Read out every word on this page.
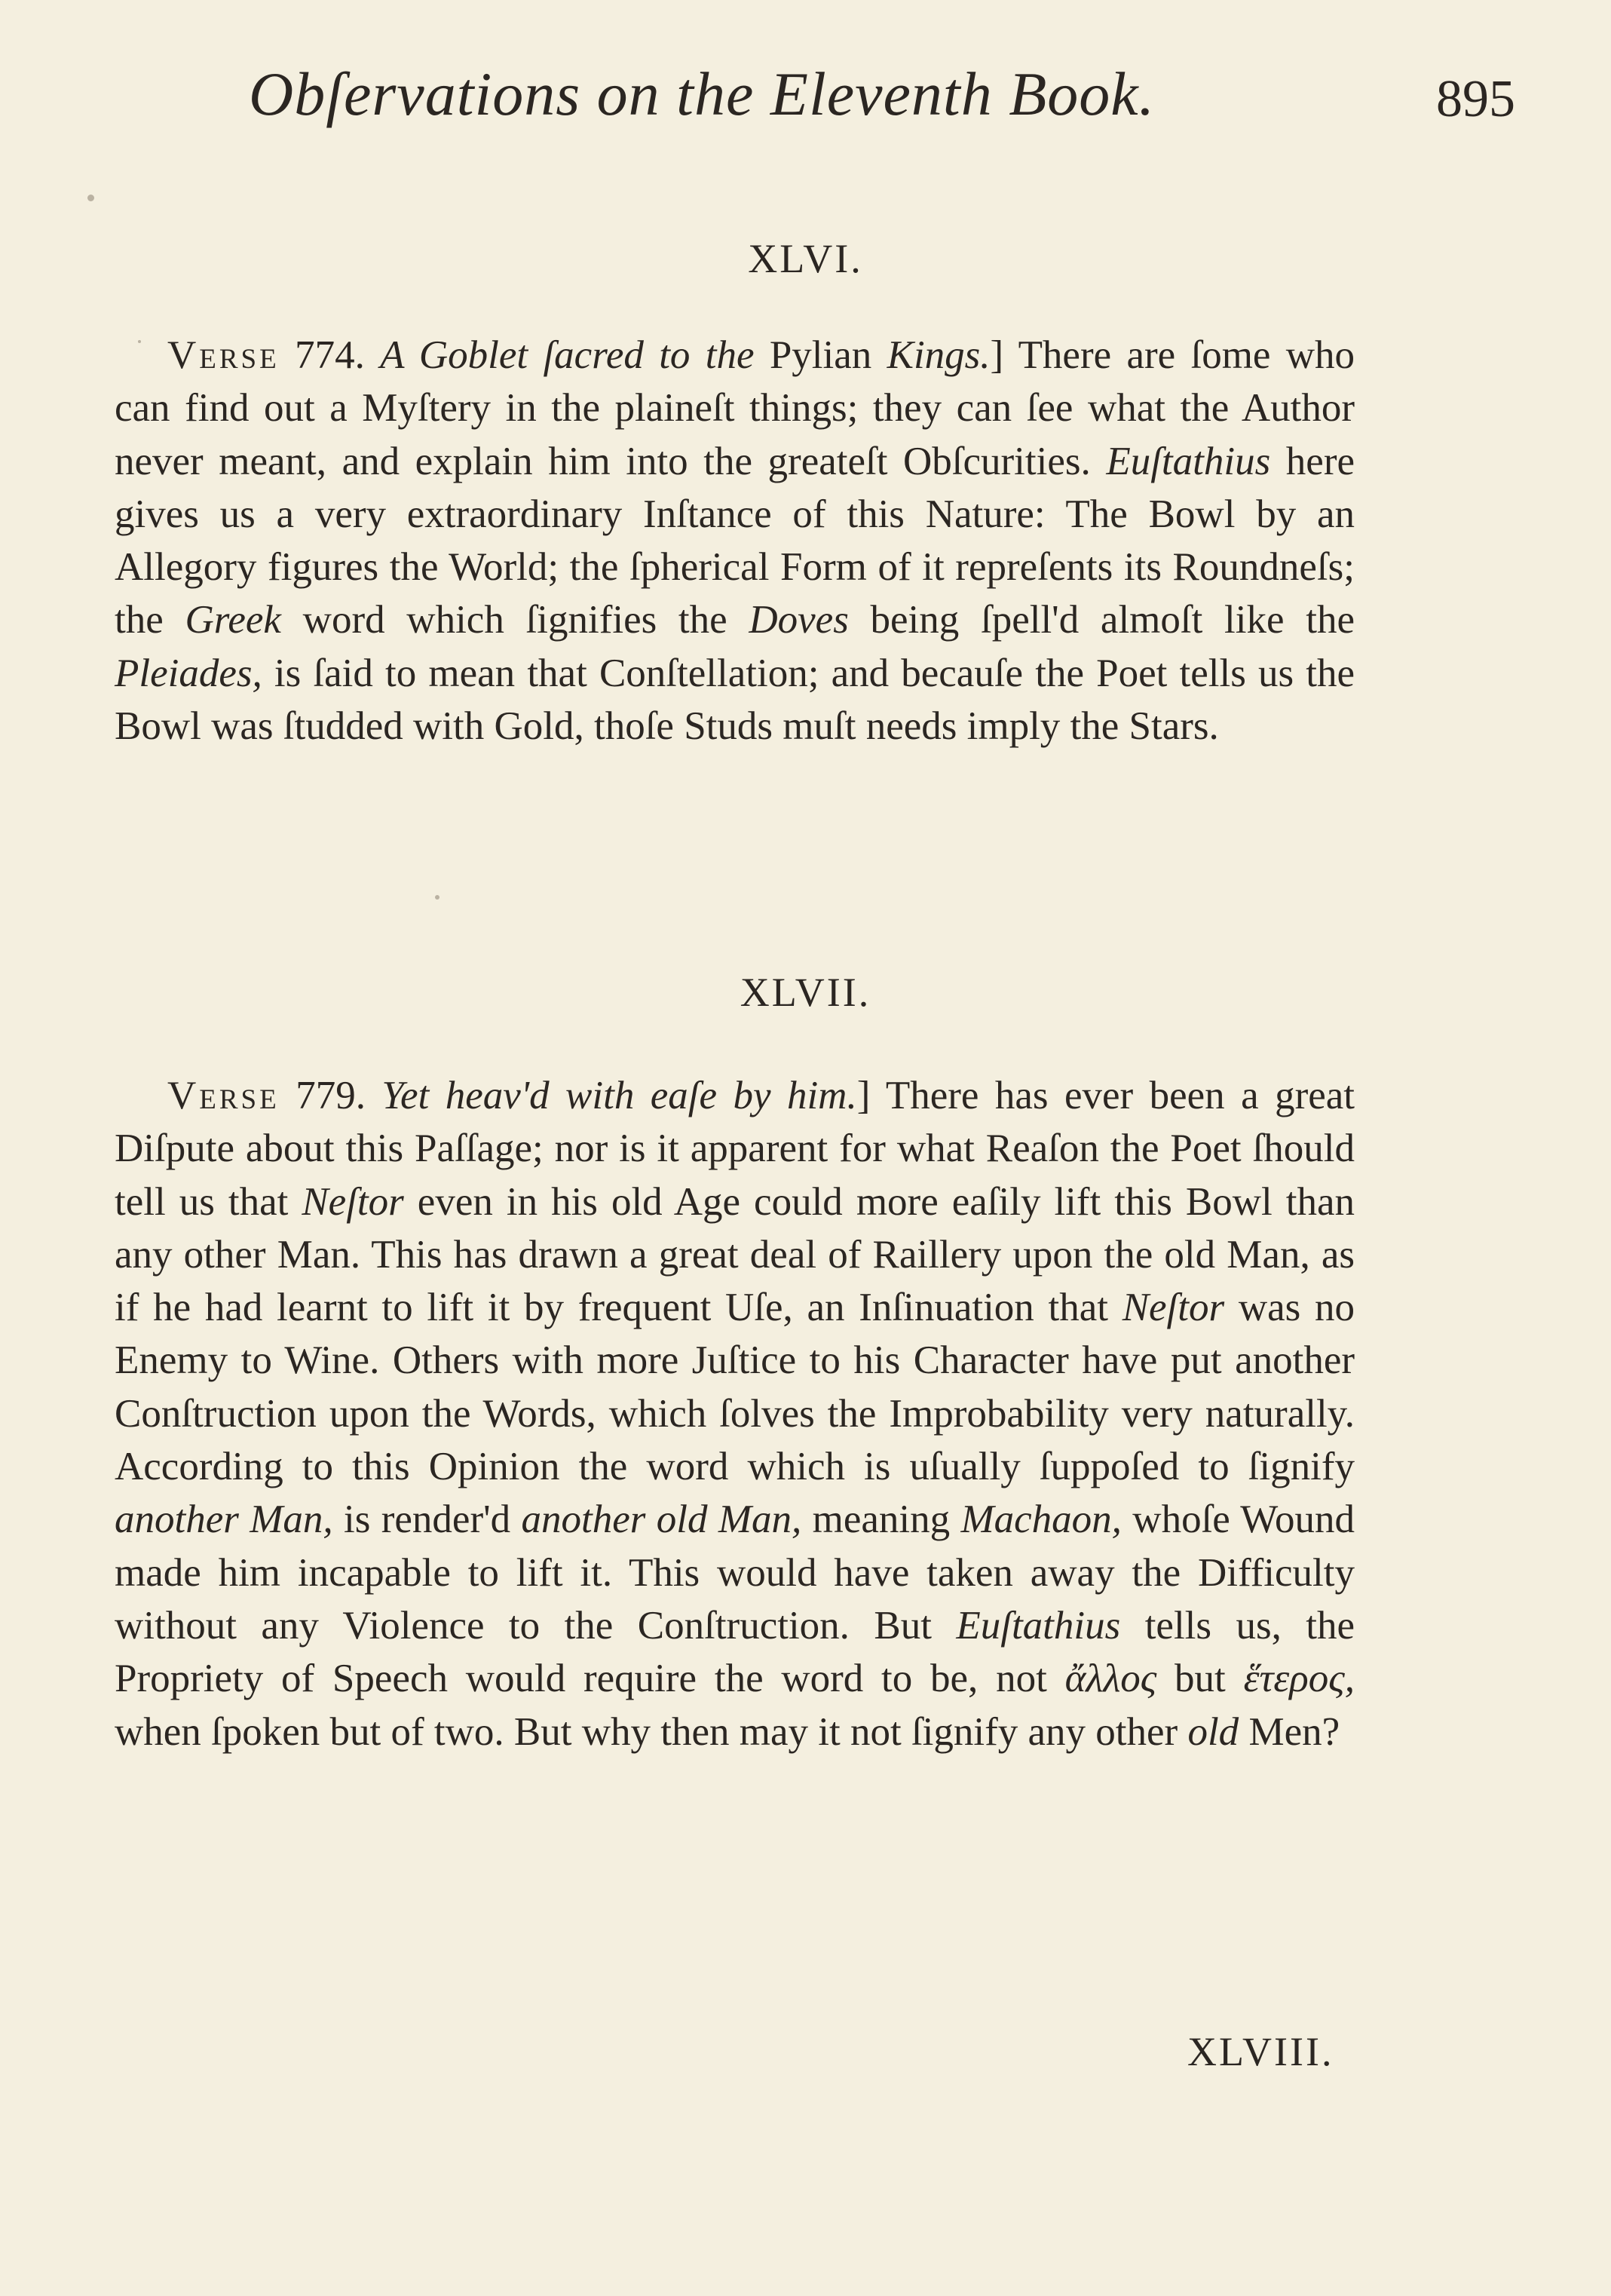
Obſervations on the Eleventh Book.	895
XLVI.
Verse 774. A Goblet ſacred to the Pylian Kings.] There are ſome who can find out a Myſtery in the plaineſt things; they can ſee what the Author never meant, and explain him into the greateſt Obſcurities. Euſtathius here gives us a very extraordinary Inſtance of this Nature: The Bowl by an Allegory figures the World; the ſpherical Form of it repreſents its Roundneſs; the Greek word which ſignifies the Doves being ſpell'd almoſt like the Pleiades, is ſaid to mean that Conſtellation; and becauſe the Poet tells us the Bowl was ſtudded with Gold, thoſe Studs muſt needs imply the Stars.
XLVII.
Verse 779. Yet heav'd with eaſe by him.] There has ever been a great Diſpute about this Paſſage; nor is it apparent for what Reaſon the Poet ſhould tell us that Neſtor even in his old Age could more eaſily lift this Bowl than any other Man. This has drawn a great deal of Raillery upon the old Man, as if he had learnt to lift it by frequent Uſe, an Inſinuation that Neſtor was no Enemy to Wine. Others with more Juſtice to his Character have put another Conſtruction upon the Words, which ſolves the Improbability very naturally. According to this Opinion the word which is uſually ſuppoſed to ſignify another Man, is render'd another old Man, meaning Machaon, whoſe Wound made him incapable to lift it. This would have taken away the Difficulty without any Violence to the Conſtruction. But Euſtathius tells us, the Propriety of Speech would require the word to be, not ἄλλος but ἕτερος, when ſpoken but of two. But why then may it not ſignify any other old Men?
XLVIII.
